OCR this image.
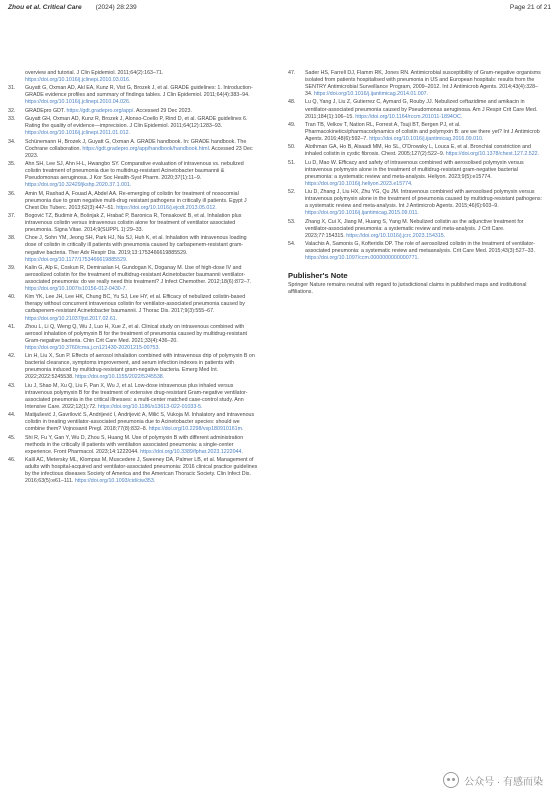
Zhou et al. Critical Care (2024) 28:239	Page 21 of 21
overview and tutorial. J Clin Epidemiol. 2011;64(2):163–71. https://doi.org/10.1016/j.jclinepi.2010.03.016.
31.	Guyatt G, Oxman AD, Akl EA, Kunz R, Vist G, Brozek J, et al. GRADE guidelines: 1. Introduction-GRADE evidence profiles and summary of findings tables. J Clin Epidemiol. 2011;64(4):383–94. https://doi.org/10.1016/j.jclinepi.2010.04.026.
32.	GRADEpro GDT. https://gdt.gradepro.org/app/. Accessed 29 Dec 2023.
33.	Guyatt GH, Oxman AD, Kunz R, Brozek J, Alonso-Coello P, Rind D, et al. GRADE guidelines 6. Rating the quality of evidence—imprecision. J Clin Epidemiol. 2011;64(12):1283–93. https://doi.org/10.1016/j.jclinepi.2011.01.012.
34.	Schünemann H, Brozek J, Guyatt G, Oxman A. GRADE handbook. In: GRADE handbook. The Cochrane collaboration. https://gdt.gradepro.org/app/handbook/handbook.html. Accessed 23 Dec 2023.
35.	Ahn SH, Lee SJ, Ahn H-L, Hwangbo SY. Comparative evaluation of intravenous vs. nebulized colistin treatment of pneumonia due to multidrug-resistant Acinetobacter baumannii & Pseudomonas aeruginosa. J Kor Soc Health-Syst Pharm. 2020;37(1):11–9. https://doi.org/10.32429/jkshp.2020.37.1.001.
36.	Amin M, Rashad A, Fouad A, Abdel AA. Re-emerging of colistin for treatment of nosocomial pneumonia due to gram negative multi-drug resistant pathogens in critically ill patients. Egypt J Chest Dis Tuberc. 2013;62(3):447–51. https://doi.org/10.1016/j.ejcdt.2013.05.012.
37.	Bogović TZ, Budimir A, Bošnjak Z, Hrabač P, Baronica R, Tonsaković B, et al. Inhalation plus intravenous colistin versus intravenous colistin alone for treatment of ventilator associated pneumonia. Signa Vitae. 2014;9(SUPPL 1):29–33.
38.	Choe J, Sohn YM, Jeong SH, Park HJ, Na SJ, Huh K, et al. Inhalation with intravenous loading dose of colistin in critically ill patients with pneumonia caused by carbapenem-resistant gram-negative bacteria. Ther Adv Respir Dis. 2019;13:1753466619885529. https://doi.org/10.1177/1753466619885529.
39.	Kalin G, Alp E, Coskun R, Demiraslan H, Gundogan K, Doganay M. Use of high-dose IV and aerosolized colistin for the treatment of multidrug-resistant Acinetobacter baumannii ventilator-associated pneumonia: do we really need this treatment? J Infect Chemother. 2012;18(6):872–7. https://doi.org/10.1007/s10156-012-0430-7.
40.	Kim YK, Lee JH, Lee HK, Chung BC, Yu SJ, Lee HY, et al. Efficacy of nebulized colistin-based therapy without concurrent intravenous colistin for ventilator-associated pneumonia caused by carbapenem-resistant Acinetobacter baumannii. J Thorac Dis. 2017;9(3):555–67. https://doi.org/10.21037/jtd.2017.02.61.
41.	Zhou L, Li Q, Weng Q, Wu J, Luo H, Xue Z, et al. Clinical study on intravenous combined with aerosol inhalation of polymyxin B for the treatment of pneumonia caused by multidrug-resistant Gram-negative bacteria. Chin Crit Care Med. 2021;33(4):436–20. https://doi.org/10.3760/cma.j.cn121430-20201215-00753.
42.	Lin H, Liu X, Sun P. Effects of aerosol inhalation combined with intravenous drip of polymyxin B on bacterial clearance, symptoms improvement, and serum infection indexes in patients with pneumonia induced by multidrug-resistant gram-negative bacteria. Emerg Med Int. 2022;2022:5245538. https://doi.org/10.1155/2022/5245538.
43.	Liu J, Shao M, Xu Q, Liu F, Pan X, Wu J, et al. Low-dose intravenous plus inhaled versus intravenous polymyxin B for the treatment of extensive drug-resistant Gram-negative ventilator-associated pneumonia in the critical illnesses: a multi-center matched case-control study. Ann Intensive Care. 2022;12(1):72. https://doi.org/10.1186/s13613-022-01033-5.
44.	Matijašević J, Gavrilović S, Andrijević I, Andrijević A, Milić S, Vukoja M. Inhalatory and intravenous colistin in treating ventilator-associated pneumonia due to Acinetobacter species: should we combine them? Vojnosanit Pregl. 2018;77(8):832–8. https://doi.org/10.2298/vsp180910161m.
45.	Shi R, Fu Y, Gan Y, Wu D, Zhou S, Huang M. Use of polymyxin B with different administration methods in the critically ill patients with ventilation associated pneumonia: a single-center experience. Front Pharmacol. 2023;14:1222044. https://doi.org/10.3389/fphar.2023.1222044.
46.	Kalil AC, Metersky ML, Klompas M, Muscedere J, Sweeney DA, Palmer LB, et al. Management of adults with hospital-acquired and ventilator-associated pneumonia: 2016 clinical practice guidelines by the infectious diseases Society of America and the American Thoracic Society. Clin Infect Dis. 2016;63(5):e61–111. https://doi.org/10.1093/cid/ciw353.
47.	Sader HS, Farrell DJ, Flamm RK, Jones RN. Antimicrobial susceptibility of Gram-negative organisms isolated from patients hospitalised with pneumonia in US and European hospitals: results from the SENTRY Antimicrobial Surveillance Program, 2009–2012. Int J Antimicrob Agents. 2014;43(4):328–34. https://doi.org/10.1016/j.ijantimicag.2014.01.007.
48.	Lu Q, Yang J, Liu Z, Gutierrez C, Aymard G, Rouby JJ. Nebulized ceftazidime and amikacin in ventilator-associated pneumonia caused by Pseudomonas aeruginosa. Am J Respir Crit Care Med. 2011;184(1):106–15. https://doi.org/10.1164/rccm.201011-1894OC.
49.	Tran TB, Velkov T, Nation RL, Forrest A, Tsuji BT, Bergen PJ, et al. Pharmacokinetics/pharmacodynamics of colistin and polymyxin B: are we there yet? Int J Antimicrob Agents. 2016;48(6):592–7. https://doi.org/10.1016/j.ijantimicag.2016.09.010.
50.	Alothman GA, Ho B, Alsaadi MM, Ho SL, O'Drowsky L, Louca E, et al. Bronchial constriction and inhaled colistin in cystic fibrosis. Chest. 2005;127(2):522–9. https://doi.org/10.1378/chest.127.2.522.
51.	Lu D, Mao W. Efficacy and safety of intravenous combined with aerosolised polymyxin versus intravenous polymyxin alone in the treatment of multidrug-resistant gram-negative bacterial pneumonia: a systematic review and meta-analysis. Heliyon. 2023;9(5):e15774. https://doi.org/10.1016/j.heliyon.2023.e15774.
52.	Liu D, Zhang J, Liu HX, Zhu YG, Qu JM. Intravenous combined with aerosolised polymyxin versus intravenous polymyxin alone in the treatment of pneumonia caused by multidrug-resistant pathogens: a systematic review and meta-analysis. Int J Antimicrob Agents. 2015;46(6):603–9. https://doi.org/10.1016/j.ijantimicag.2015.09.011.
53.	Zhang X, Cui X, Jiang M, Huang S, Yang M. Nebulized colistin as the adjunctive treatment for ventilator-associated pneumonia: a systematic review and meta-analysis. J Crit Care. 2023;77:154315. https://doi.org/10.1016/j.jcrc.2023.154315.
54.	Valachis A, Samonis G, Kofteridis DP. The role of aerosolized colistin in the treatment of ventilator-associated pneumonia: a systematic review and metaanalysis. Crit Care Med. 2015;43(3):527–33. https://doi.org/10.1097/ccm.0000000000000771.
Publisher's Note
Springer Nature remains neutral with regard to jurisdictional claims in published maps and institutional affiliations.
公众号 · 有感而染
